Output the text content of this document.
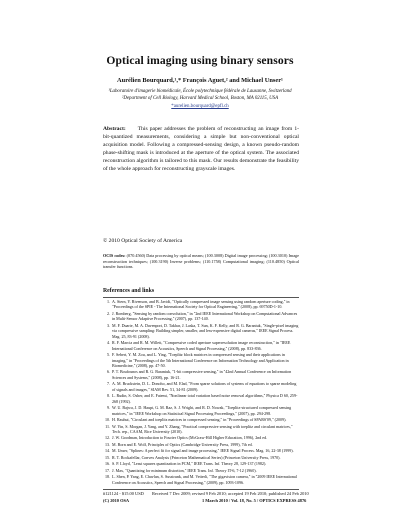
Optical imaging using binary sensors
Aurélien Bourquard,¹,* François Aguet,² and Michael Unser¹
¹Laboratoire d'imagerie biomédicale, École polytechnique fédérale de Lausanne, Switzerland
²Department of Cell Biology, Harvard Medical School, Boston, MA 02115, USA
*aurelien.bourquard@epfl.ch

Abstract: This paper addresses the problem of reconstructing an image from 1-bit-quantized measurements, considering a simple but non-conventional optical acquisition model. Following a compressed-sensing design, a known pseudo-random phase-shifting mask is introduced at the aperture of the optical system. The associated reconstruction algorithm is tailored to this mask. Our results demonstrate the feasibility of the whole approach for reconstructing grayscale images.

© 2010 Optical Society of America

OCIS codes: (070.4560) Data processing by optical means; (100.3008) Digital image processing; (100.3010) Image reconstruction techniques; (100.3190) Inverse problems; (110.1758) Computational imaging; (110.4850) Optical transfer functions.

References and links
1. A. Stern, Y. Rivenson, and B. Javidi, "Optically compressed image sensing using random aperture coding," in "Proceedings of the SPIE - The International Society for Optical Engineering," (2008), pp. 69750D-1-10.
2. J. Romberg, "Sensing by random convolution," in "2nd IEEE International Workshop on Computational Advances in Multi-Sensor Adaptive Processing," (2007), pp. 137-140.
3. M. F. Duarte, M. A. Davenport, D. Takhar, J. Laska, T. Sun, K. F. Kelly, and R. G. Baraniuk, "Single-pixel imaging via compressive sampling: Building simpler, smaller, and less-expensive digital cameras," IEEE Signal Process. Mag. 25, 83-91 (2008).
4. R. F. Marcia and R. M. Willett, "Compressive coded aperture superresolution image reconstruction," in "IEEE International Conference on Acoustics, Speech and Signal Processing," (2008), pp. 833-836.
5. F. Sebert, Y. M. Zou, and L. Ying, "Toeplitz block matrices in compressed sensing and their applications in imaging," in "Proceedings of the 5th International Conference on Information Technology and Application in Biomedicine," (2008), pp. 47-50.
6. P. T. Boufounos and R. G. Baraniuk, "1-bit compressive sensing," in "42nd Annual Conference on Information Sciences and Systems," (2008), pp. 16-21.
7. A. M. Bruckstein, D. L. Donoho, and M. Elad, "From sparse solutions of systems of equations to sparse modeling of signals and images," SIAM Rev. 51, 34-81 (2009).
8. L. Rudin, S. Osher, and E. Fatemi, "Nonlinear total variation based noise removal algorithms," Physica D 60, 259-268 (1992).
9. W. U. Bajwa, J. D. Haupt, G. M. Raz, S. J. Wright, and R. D. Nowak, "Toeplitz-structured compressed sensing matrices," in "IEEE Workshop on Statistical Signal Processing Proceedings," (2007), pp. 294-298.
10. H. Rauhut, "Circulant and toeplitz matrices in compressed sensing," in "Proceedings of SPARS'09," (2009).
11. W. Yin, S. Morgan, J. Yang, and Y. Zhang, "Practical compressive sensing with toeplitz and circulant matrices," Tech. rep., CAAM, Rice University (2010).
12. J. W. Goodman, Introduction to Fourier Optics (McGraw-Hill Higher Education, 1996), 2nd ed.
13. M. Born and E. Wolf, Principles of Optics (Cambridge University Press, 1999), 7th ed.
14. M. Unser, "Splines: A perfect fit for signal and image processing," IEEE Signal Process. Mag. 16, 22-38 (1999).
15. R. T. Rockafellar, Convex Analysis (Princeton Mathematical Series) (Princeton University Press, 1970).
16. S. P. Lloyd, "Least squares quantization in PCM," IEEE Trans. Inf. Theory 28, 129-137 (1982).
17. J. Max, "Quantizing for minimum distortion," IEEE Trans. Inf. Theory IT-6, 7-12 (1960).
18. L. Shen, P. Yang, E. Chavlan, S. Susstrunk, and M. Vetterli, "The gigavision camera," in "2009 IEEE International Conference on Acoustics, Speech and Signal Processing," (2009), pp. 1093-1096.
#121124 - $15.00 USD Received 7 Dec 2009; revised 9 Feb 2010; accepted 19 Feb 2010; published 24 Feb 2010
(C) 2010 OSA	1 March 2010 / Vol. 18, No. 5 / OPTICS EXPRESS 4876
